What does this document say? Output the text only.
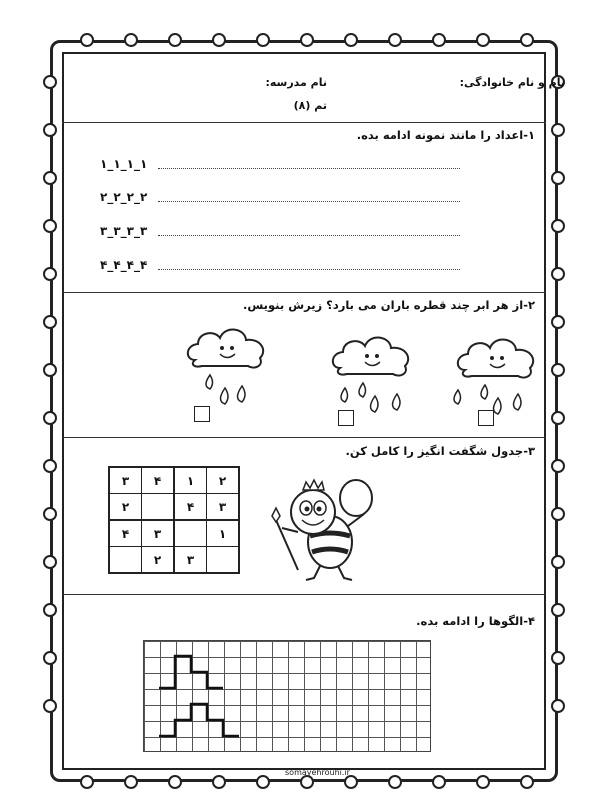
نام و نام خانوادگی:
نام مدرسه:
تم (۸)
۱-اعداد را مانند نمونه ادامه بده.
۱_۱_۱_۱
۲_۲_۲_۲
۳_۳_۳_۳
۴_۴_۴_۴
۲-از هر ابر چند قطره باران می بارد؟ زیرش بنویس.
۳-جدول شگفت انگیز را کامل کن.
۳	۴	۱	۲
۲		۴	۳
۴	۳		۱
	۲	۳	
۴-الگوها را ادامه بده.
somayehrouhi.ir
